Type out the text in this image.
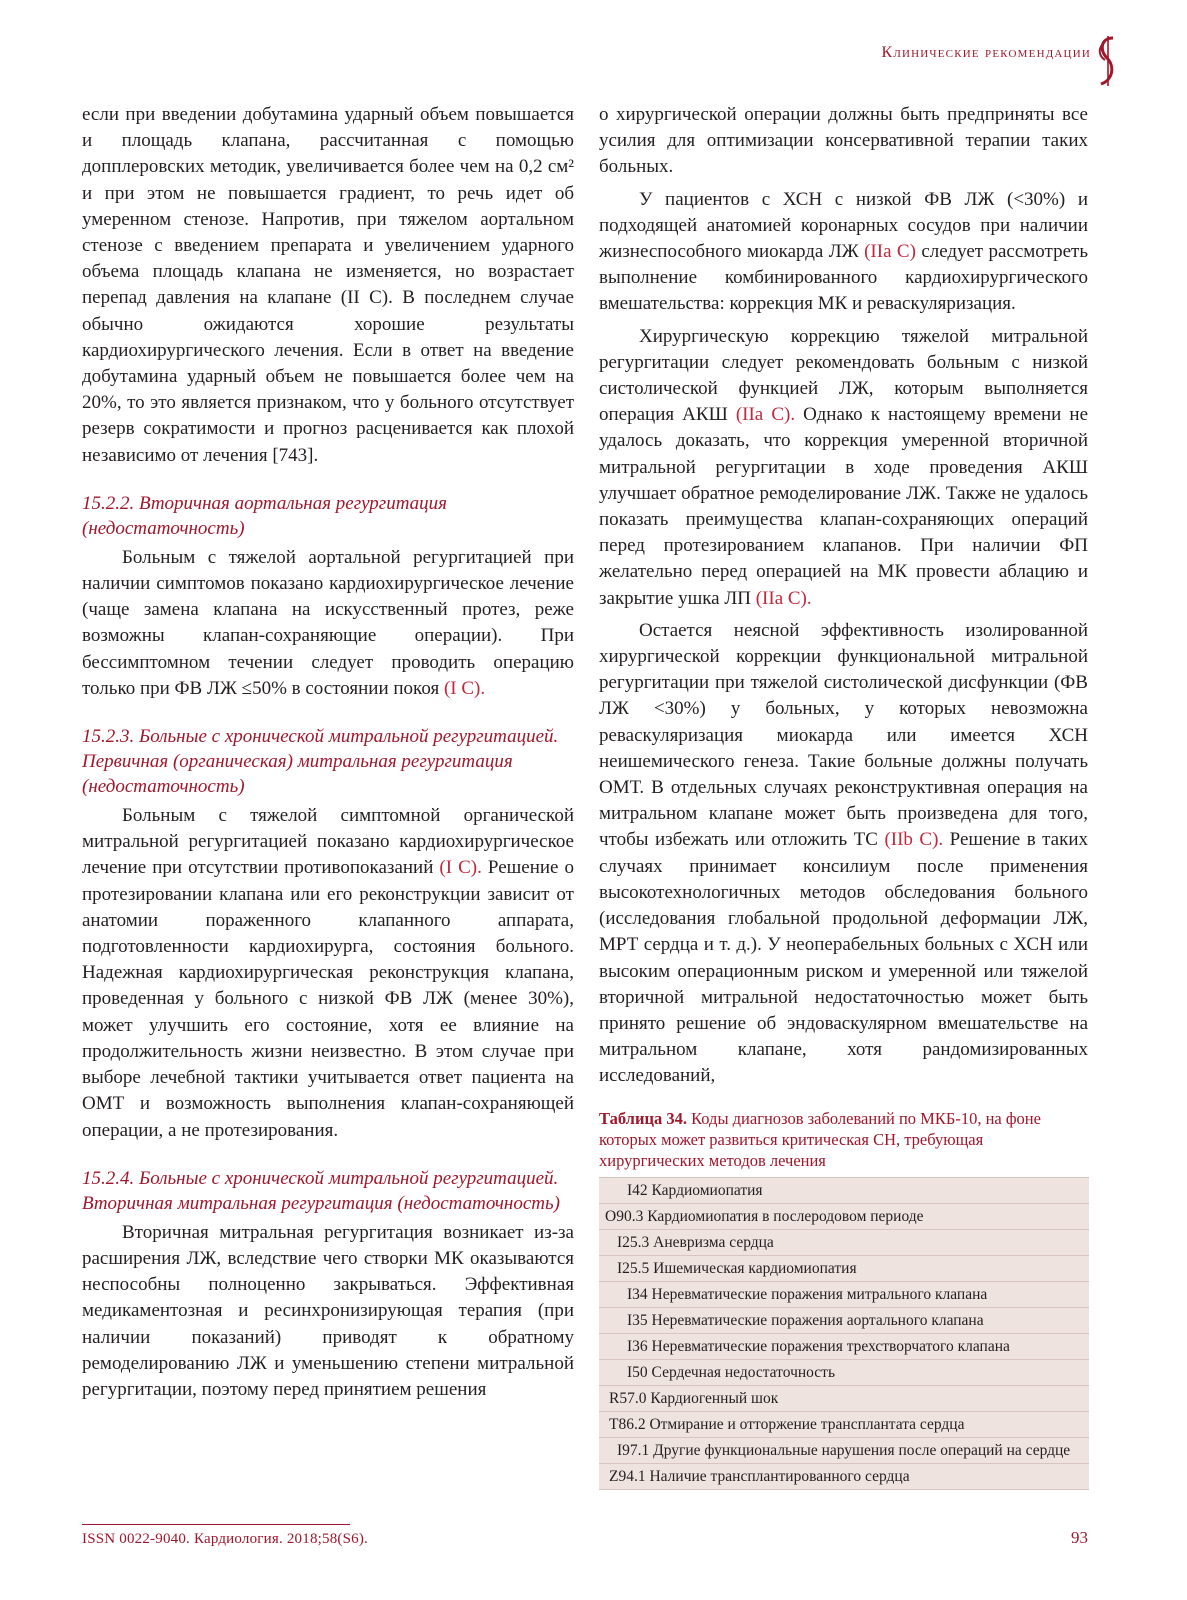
Клинические рекомендации

если при введении добутамина ударный объем повышается и площадь клапана, рассчитанная с помощью допплеровских методик, увеличивается более чем на 0,2 см² и при этом не повышается градиент, то речь идет об умеренном стенозе. Напротив, при тяжелом аортальном стенозе с введением препарата и увеличением ударного объема площадь клапана не изменяется, но возрастает перепад давления на клапане (II C). В последнем случае обычно ожидаются хорошие результаты кардиохирургического лечения. Если в ответ на введение добутамина ударный объем не повышается более чем на 20%, то это является признаком, что у больного отсутствует резерв сократимости и прогноз расценивается как плохой независимо от лечения [743].

15.2.2. Вторичная аортальная регургитация (недостаточность)

Больным с тяжелой аортальной регургитацией при наличии симптомов показано кардиохирургическое лечение (чаще замена клапана на искусственный протез, реже возможны клапан-сохраняющие операции). При бессимптомном течении следует проводить операцию только при ФВ ЛЖ ≤50% в состоянии покоя (I C).

15.2.3. Больные с хронической митральной регургитацией. Первичная (органическая) митральная регургитация (недостаточность)

Больным с тяжелой симптомной органической митральной регургитацией показано кардиохирургическое лечение при отсутствии противопоказаний (I C). Решение о протезировании клапана или его реконструкции зависит от анатомии пораженного клапанного аппарата, подготовленности кардиохирурга, состояния больного. Надежная кардиохирургическая реконструкция клапана, проведенная у больного с низкой ФВ ЛЖ (менее 30%), может улучшить его состояние, хотя ее влияние на продолжительность жизни неизвестно. В этом случае при выборе лечебной тактики учитывается ответ пациента на ОМТ и возможность выполнения клапан-сохраняющей операции, а не протезирования.

15.2.4. Больные с хронической митральной регургитацией. Вторичная митральная регургитация (недостаточность)

Вторичная митральная регургитация возникает из-за расширения ЛЖ, вследствие чего створки МК оказываются неспособны полноценно закрываться. Эффективная медикаментозная и ресинхронизирующая терапия (при наличии показаний) приводят к обратному ремоделированию ЛЖ и уменьшению степени митральной регургитации, поэтому перед принятием решения

о хирургической операции должны быть предприняты все усилия для оптимизации консервативной терапии таких больных.

У пациентов с ХСН с низкой ФВ ЛЖ (<30%) и подходящей анатомией коронарных сосудов при наличии жизнеспособного миокарда ЛЖ (IIa C) следует рассмотреть выполнение комбинированного кардиохирургического вмешательства: коррекция МК и реваскуляризация.

Хирургическую коррекцию тяжелой митральной регургитации следует рекомендовать больным с низкой систолической функцией ЛЖ, которым выполняется операция АКШ (IIa C). Однако к настоящему времени не удалось доказать, что коррекция умеренной вторичной митральной регургитации в ходе проведения АКШ улучшает обратное ремоделирование ЛЖ. Также не удалось показать преимущества клапан-сохраняющих операций перед протезированием клапанов. При наличии ФП желательно перед операцией на МК провести аблацию и закрытие ушка ЛП (IIa C).

Остается неясной эффективность изолированной хирургической коррекции функциональной митральной регургитации при тяжелой систолической дисфункции (ФВ ЛЖ <30%) у больных, у которых невозможна реваскуляризация миокарда или имеется ХСН неишемического генеза. Такие больные должны получать ОМТ. В отдельных случаях реконструктивная операция на митральном клапане может быть произведена для того, чтобы избежать или отложить ТС (IIb C). Решение в таких случаях принимает консилиум после применения высокотехнологичных методов обследования больного (исследования глобальной продольной деформации ЛЖ, МРТ сердца и т. д.). У неоперабельных больных с ХСН или высоким операционным риском и умеренной или тяжелой вторичной митральной недостаточностью может быть принято решение об эндоваскулярном вмешательстве на митральном клапане, хотя рандомизированных исследований,

Таблица 34. Коды диагнозов заболеваний по МКБ-10, на фоне которых может развиться критическая СН, требующая хирургических методов лечения
I42 Кардиомиопатия
O90.3 Кардиомиопатия в послеродовом периоде
I25.3 Аневризма сердца
I25.5 Ишемическая кардиомиопатия
I34 Неревматические поражения митрального клапана
I35 Неревматические поражения аортального клапана
I36 Неревматические поражения трехстворчатого клапана
I50 Сердечная недостаточность
R57.0 Кардиогенный шок
T86.2 Отмирание и отторжение трансплантата сердца
I97.1 Другие функциональные нарушения после операций на сердце
Z94.1 Наличие трансплантированного сердца
ISSN 0022-9040. Кардиология. 2018;58(S6).	93
